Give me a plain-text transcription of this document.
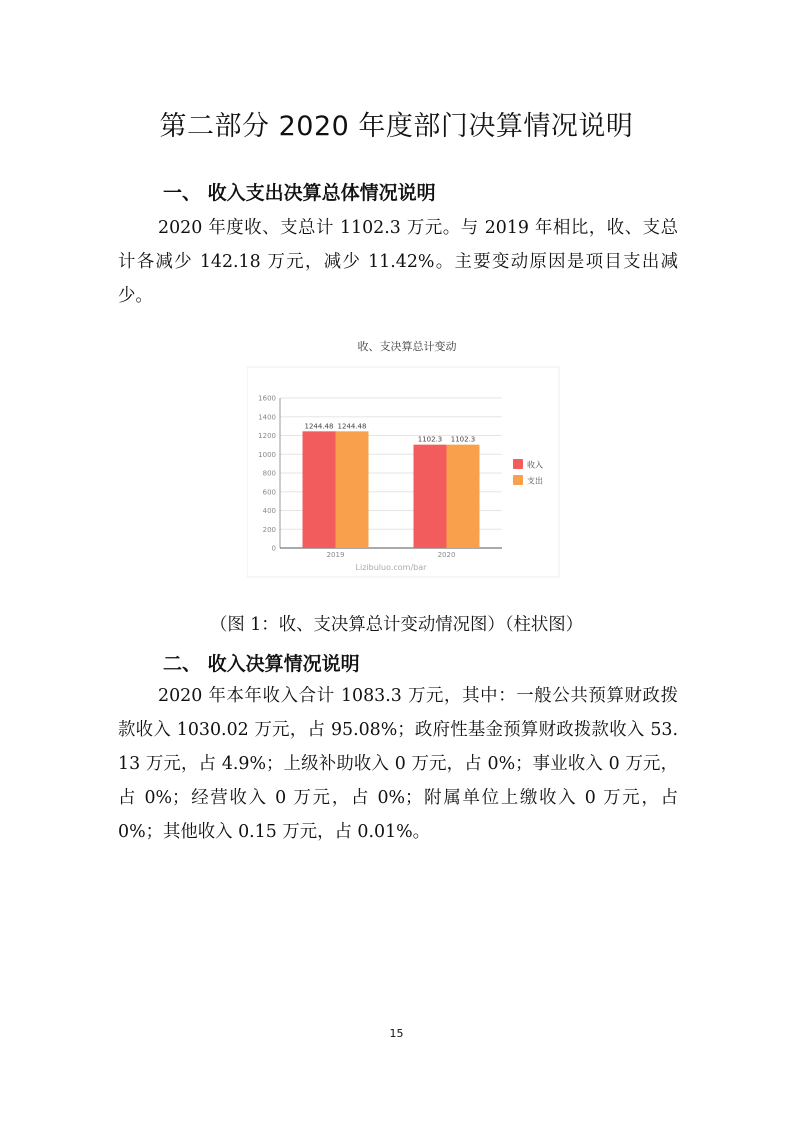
第二部分 2020 年度部门决算情况说明
一、 收入支出决算总体情况说明
2020 年度收、支总计 1102.3 万元。与 2019 年相比，收、支总计各减少 142.18 万元，减少 11.42%。主要变动原因是项目支出减少。
收、支决算总计变动
0
200
400
600
800
1000
1200
1400
1600
1244.48 1244.48
2019
1102.3 1102.3
2020
Lizibuluo.com/bar
收入
支出
（图 1：收、支决算总计变动情况图）（柱状图）
二、 收入决算情况说明
2020 年本年收入合计 1083.3 万元，其中：一般公共预算财政拨款收入 1030.02 万元，占 95.08%；政府性基金预算财政拨款收入 53.13 万元，占 4.9%；上级补助收入 0 万元，占 0%；事业收入 0 万元，占 0%；经营收入 0 万元，占 0%；附属单位上缴收入 0 万元，占 0%；其他收入 0.15 万元，占 0.01%。
15
